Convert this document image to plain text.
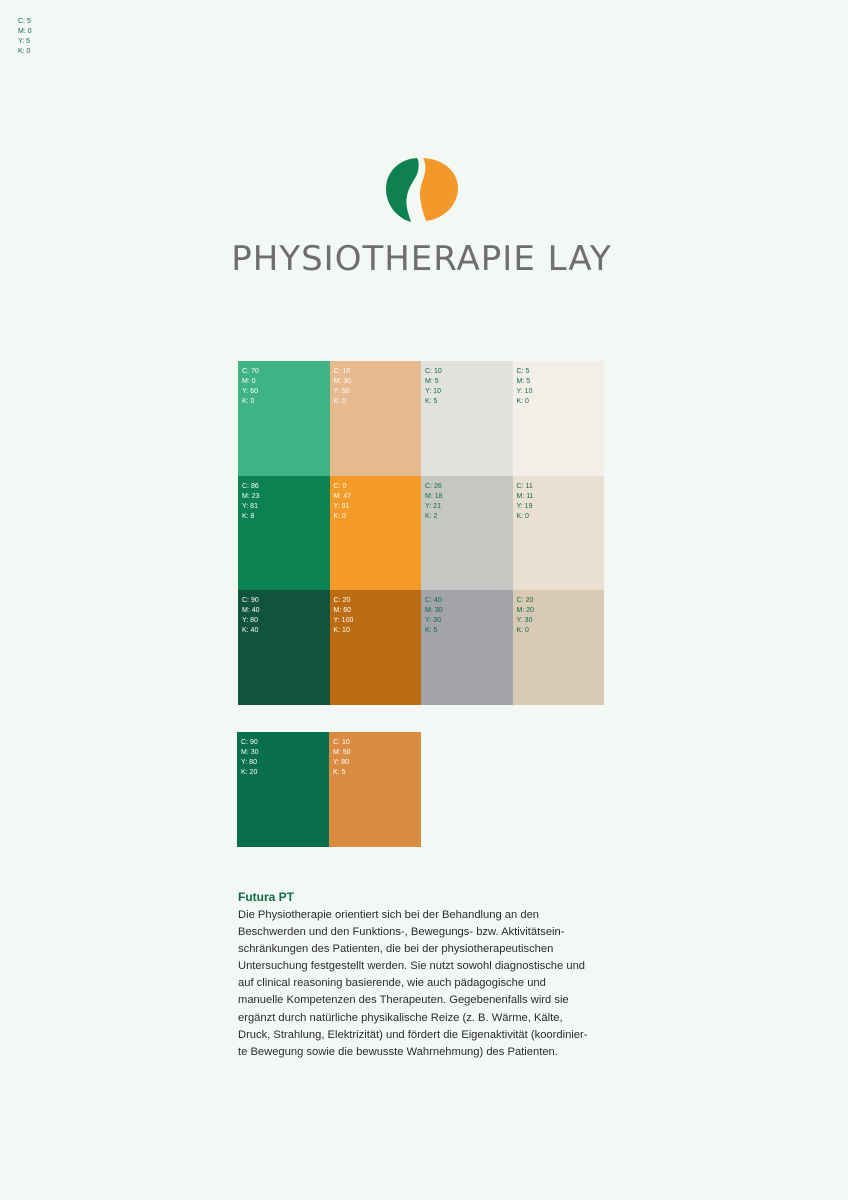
C: 5
M: 0
Y: 5
K: 0
PHYSIOTHERAPIE LAY
C: 70
M: 0
Y: 60
K: 0
C: 10
M: 30
Y: 50
K: 0
C: 10
M: 5
Y: 10
K: 5
C: 5
M: 5
Y: 10
K: 0
C: 86
M: 23
Y: 81
K: 8
C: 0
M: 47
Y: 91
K: 0
C: 26
M: 18
Y: 21
K: 2
C: 11
M: 11
Y: 19
K: 0
C: 90
M: 40
Y: 80
K: 40
C: 20
M: 60
Y: 100
K: 10
C: 40
M: 30
Y: 30
K: 5
C: 20
M: 20
Y: 30
K: 0
C: 90
M: 30
Y: 80
K: 20
C: 10
M: 50
Y: 80
K: 5
Futura PT
Die Physiotherapie orientiert sich bei der Behandlung an den
Beschwerden und den Funktions-, Bewegungs- bzw. Aktivitätsein-
schränkungen des Patienten, die bei der physiotherapeutischen
Untersuchung festgestellt werden. Sie nutzt sowohl diagnostische und
auf clinical reasoning basierende, wie auch pädagogische und
manuelle Kompetenzen des Therapeuten. Gegebenenfalls wird sie
ergänzt durch natürliche physikalische Reize (z. B. Wärme, Kälte,
Druck, Strahlung, Elektrizität) und fördert die Eigenaktivität (koordinier-
te Bewegung sowie die bewusste Wahrnehmung) des Patienten.
